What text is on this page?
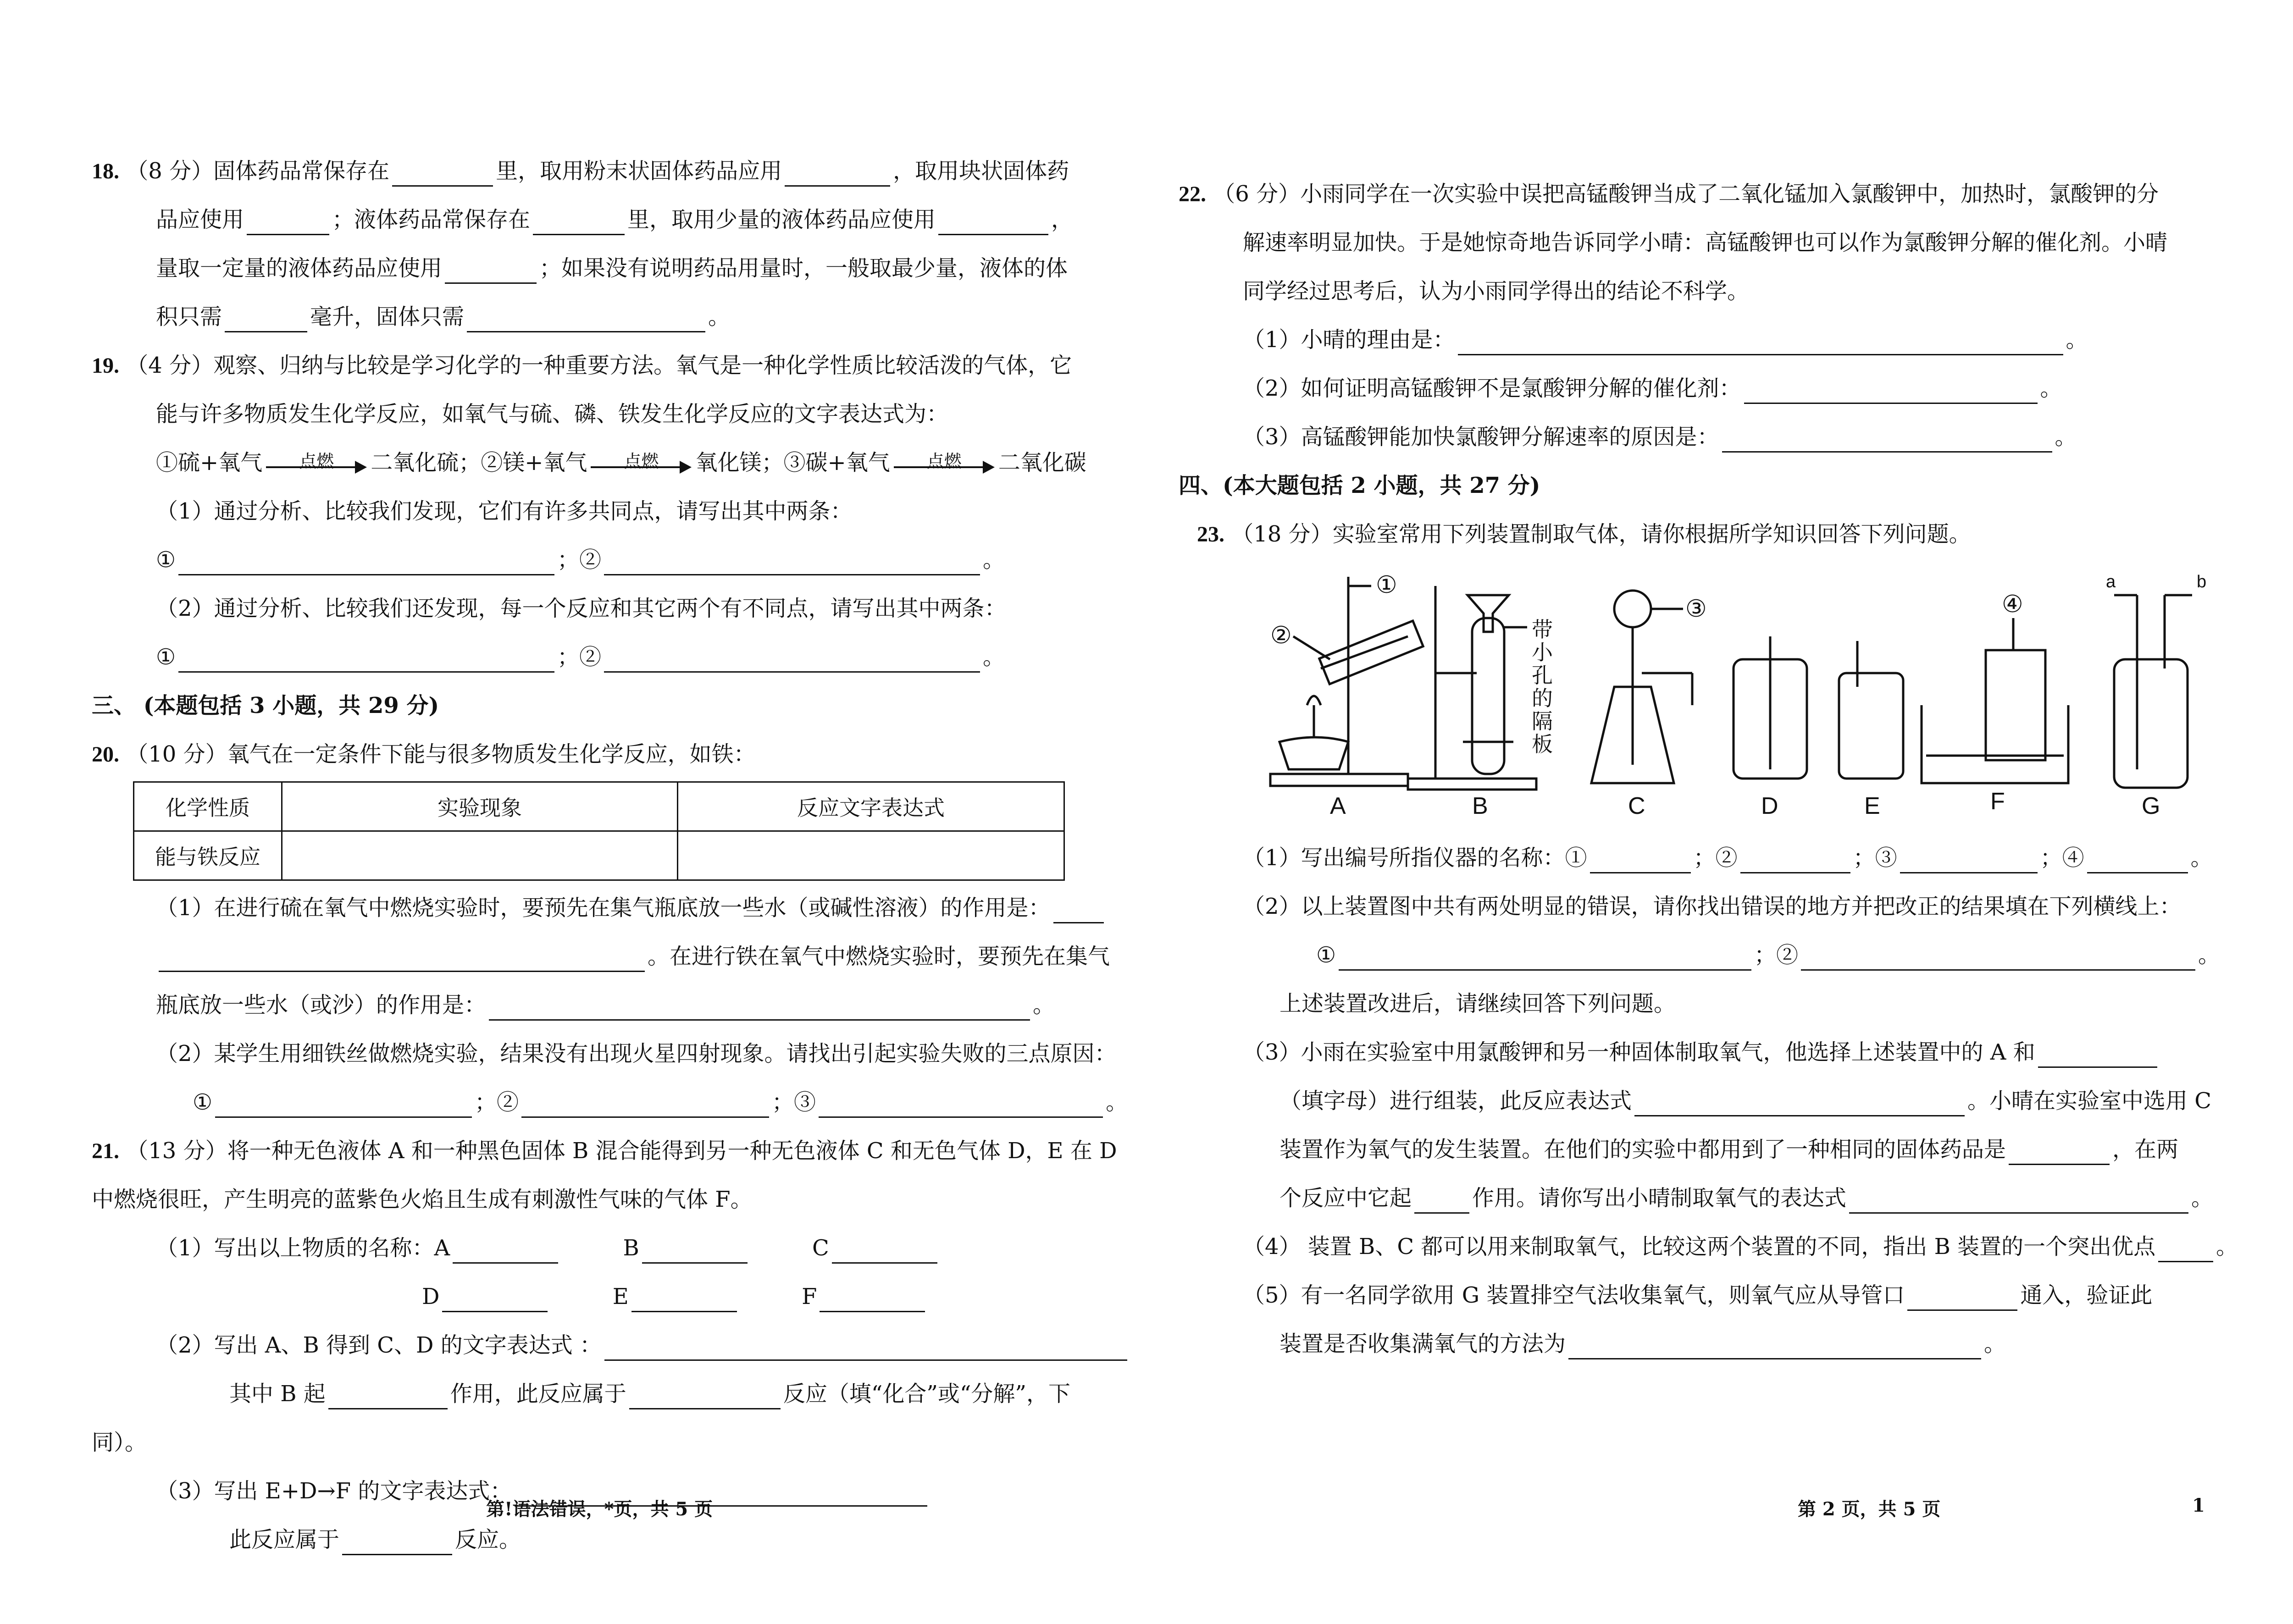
18. （8 分）固体药品常保存在	里，取用粉末状固体药品应用	，取用块状固体药
品应使用	；液体药品常保存在	里，取用少量的液体药品应使用	，
量取一定量的液体药品应使用	；如果没有说明药品用量时，一般取最少量，液体的体
积只需	毫升，固体只需	。
19. （4 分）观察、归纳与比较是学习化学的一种重要方法。氧气是一种化学性质比较活泼的气体，它
能与许多物质发生化学反应，如氧气与硫、磷、铁发生化学反应的文字表达式为：
①硫+氧气	点燃	二氧化硫；②镁+氧气	点燃	氧化镁；③碳+氧气	点燃	二氧化碳
（1）通过分析、比较我们发现，它们有许多共同点，请写出其中两条：
①	；②	。
（2）通过分析、比较我们还发现，每一个反应和其它两个有不同点，请写出其中两条：
①	；②	。
三、 (本题包括 3 小题，共 29 分)
20. （10 分）氧气在一定条件下能与很多物质发生化学反应，如铁：
化学性质	实验现象	反应文字表达式
能与铁反应		
（1）在进行硫在氧气中燃烧实验时，要预先在集气瓶底放一些水（或碱性溶液）的作用是：
。在进行铁在氧气中燃烧实验时，要预先在集气
瓶底放一些水（或沙）的作用是：	。
（2）某学生用细铁丝做燃烧实验，结果没有出现火星四射现象。请找出引起实验失败的三点原因：
①	；②	；③	。
21. （13 分）将一种无色液体 A 和一种黑色固体 B 混合能得到另一种无色液体 C 和无色气体 D，E 在 D
中燃烧很旺，产生明亮的蓝紫色火焰且生成有刺激性气味的气体 F。
（1）写出以上物质的名称：A	B	C
D	E	F
（2）写出 A、B 得到 C、D 的文字表达式 ：
其中 B 起	作用，此反应属于	反应（填“化合”或“分解”，下
同）。
（3）写出 E+D→F 的文字表达式：
此反应属于	反应。
第!语法错误，*页，共 5 页
22. （6 分）小雨同学在一次实验中误把高锰酸钾当成了二氧化锰加入氯酸钾中，加热时，氯酸钾的分
解速率明显加快。于是她惊奇地告诉同学小晴：高锰酸钾也可以作为氯酸钾分解的催化剂。小晴
同学经过思考后，认为小雨同学得出的结论不科学。
（1）小晴的理由是：	。
（2）如何证明高锰酸钾不是氯酸钾分解的催化剂：	。
（3）高锰酸钾能加快氯酸钾分解速率的原因是：	。
四、(本大题包括 2 小题，共 27 分)
23. （18 分）实验室常用下列装置制取气体，请你根据所学知识回答下列问题。
①
②
③	④
带小孔的隔板
a	b
A	B	C	D	E	F	G
（1）写出编号所指仪器的名称：①	；②	；③	；④	。
（2）以上装置图中共有两处明显的错误，请你找出错误的地方并把改正的结果填在下列横线上：
①	；②	。
上述装置改进后，请继续回答下列问题。
（3）小雨在实验室中用氯酸钾和另一种固体制取氧气，他选择上述装置中的 A 和
（填字母）进行组装，此反应表达式	。小晴在实验室中选用 C
装置作为氧气的发生装置。在他们的实验中都用到了一种相同的固体药品是	，在两
个反应中它起	作用。请你写出小晴制取氧气的表达式	。
（4） 装置 B、C 都可以用来制取氧气，比较这两个装置的不同，指出 B 装置的一个突出优点	。
（5）有一名同学欲用 G 装置排空气法收集氧气，则氧气应从导管口	通入，验证此
装置是否收集满氧气的方法为	。
第 2 页，共 5 页	1
